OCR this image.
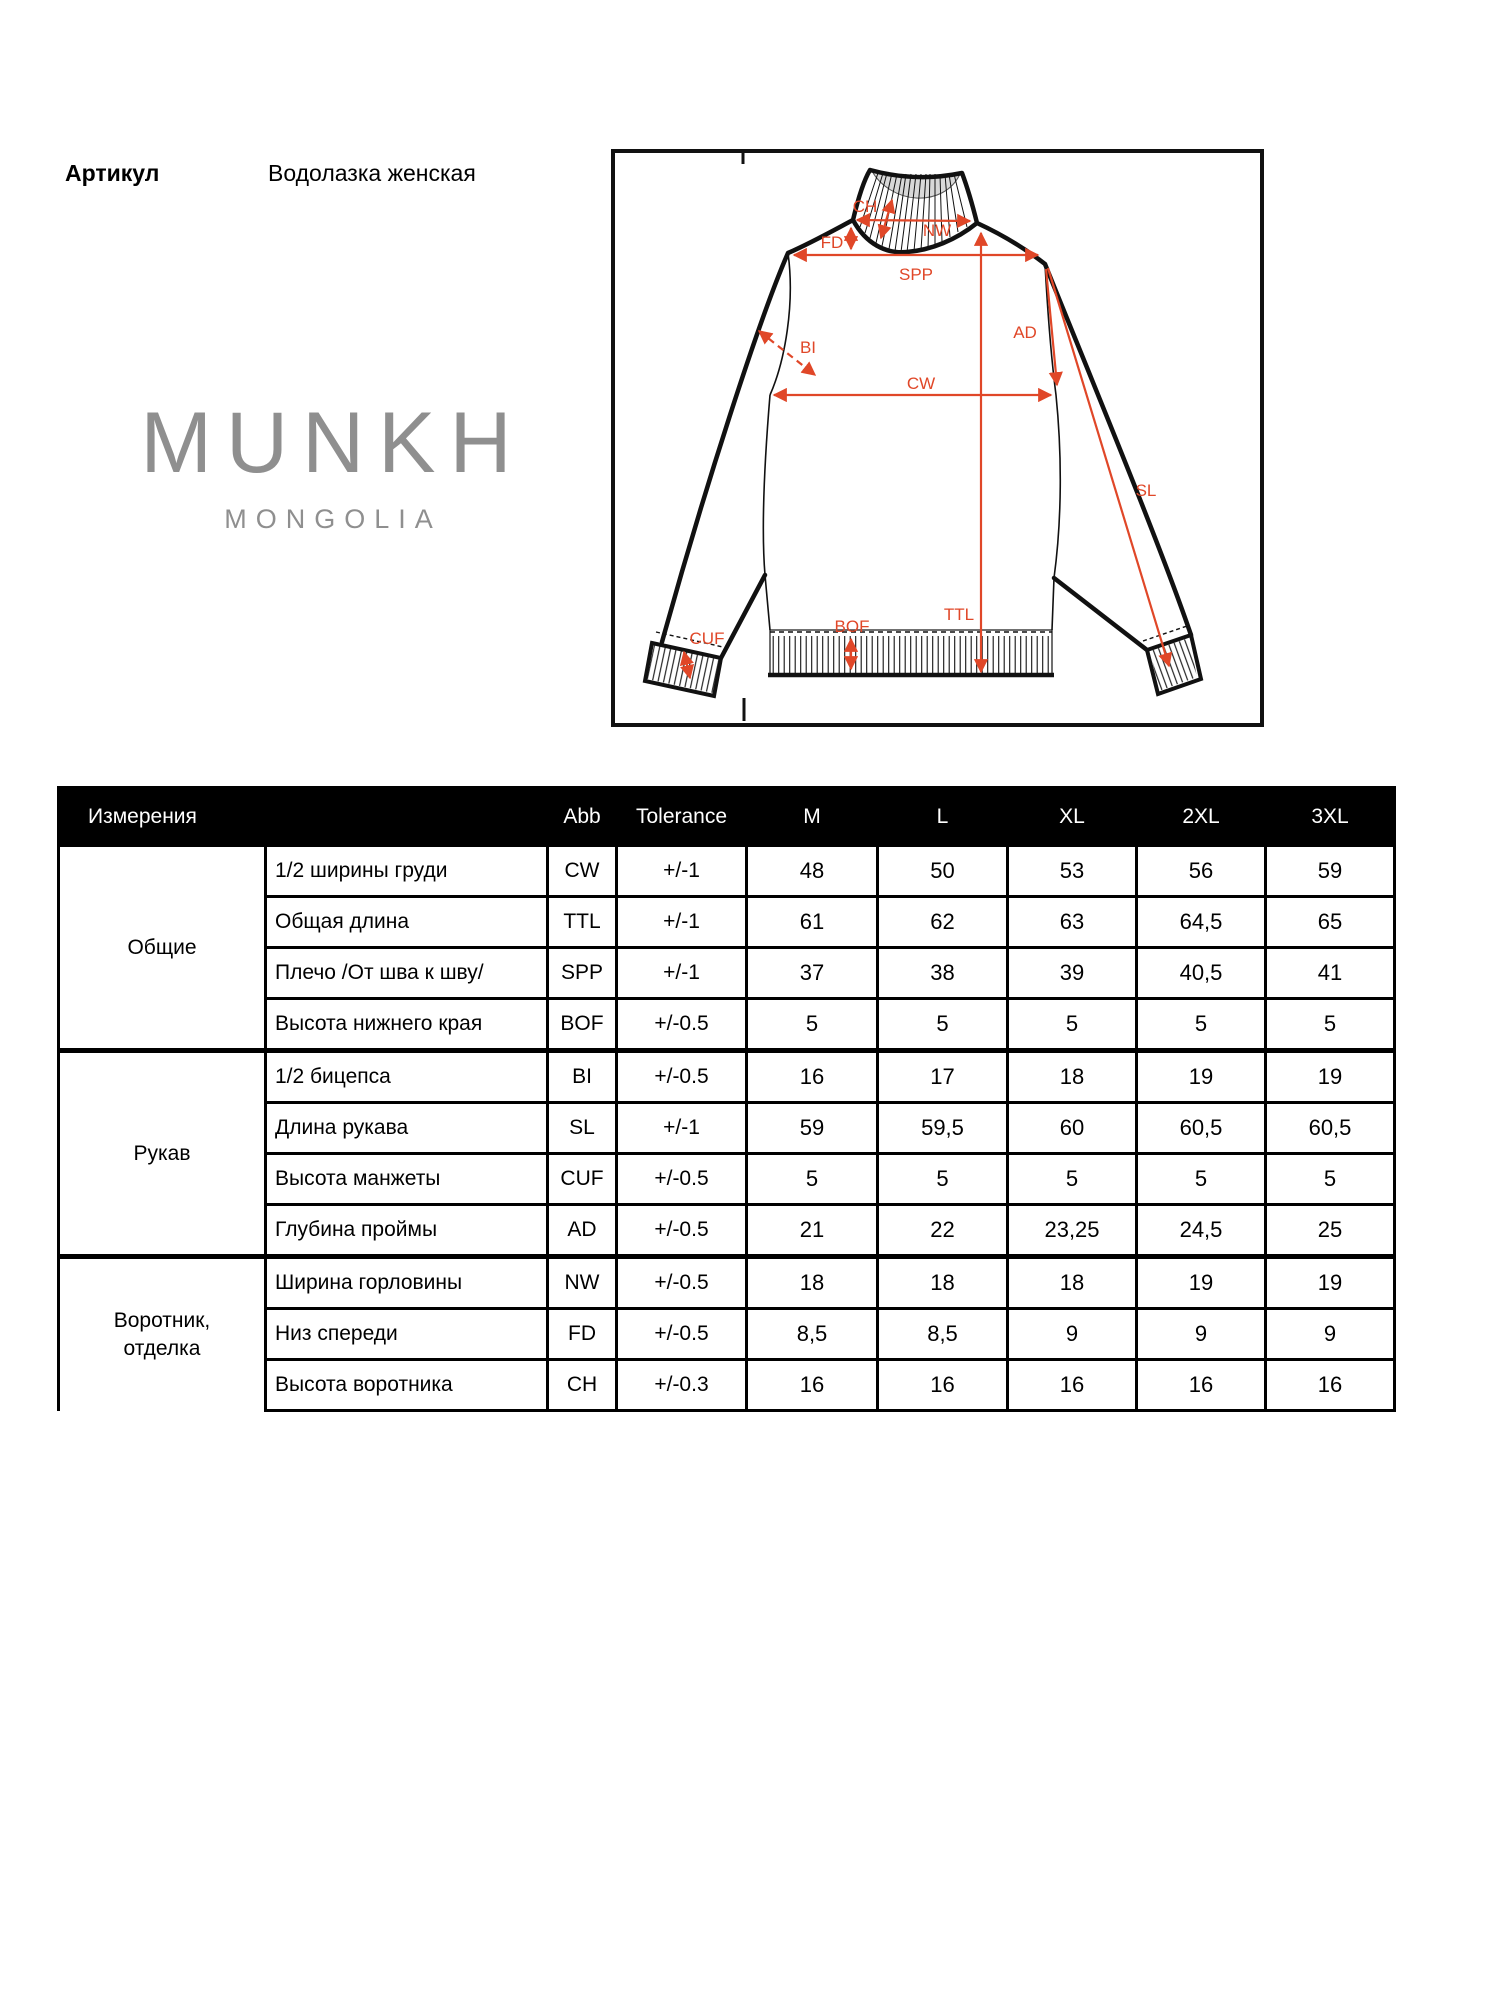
Артикул	Водолазка женская
MUNKH
MONGOLIA
CH
NW
FD
SPP
BI
CW
AD
TTL
SL
CUF
BOF
Измерения		Abb	Tolerance	M	L	XL	2XL	3XL
Общие	1/2 ширины груди	CW	+/-1	48	50	53	56	59
	Общая длина	TTL	+/-1	61	62	63	64,5	65
	Плечо /От шва к шву/	SPP	+/-1	37	38	39	40,5	41
	Высота нижнего края	BOF	+/-0.5	5	5	5	5	5
Рукав	1/2 бицепса	BI	+/-0.5	16	17	18	19	19
	Длина рукава	SL	+/-1	59	59,5	60	60,5	60,5
	Высота манжеты	CUF	+/-0.5	5	5	5	5	5
	Глубина проймы	AD	+/-0.5	21	22	23,25	24,5	25
Воротник, отделка	Ширина горловины	NW	+/-0.5	18	18	18	19	19
	Низ спереди	FD	+/-0.5	8,5	8,5	9	9	9
	Высота воротника	CH	+/-0.3	16	16	16	16	16
